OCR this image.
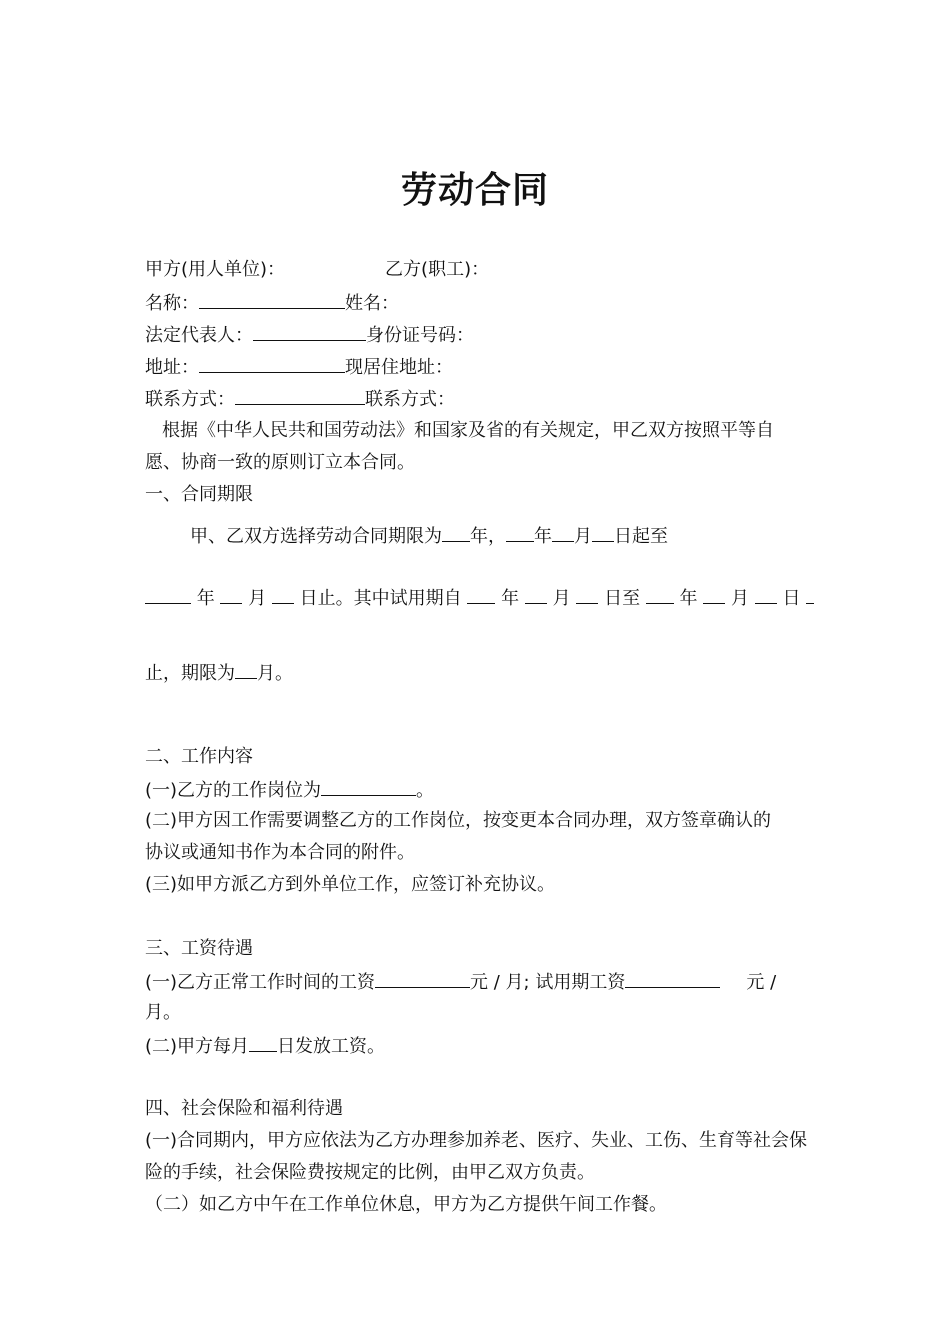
劳动合同
甲方(用人单位)：	乙方(职工)：
名称：	姓名：
法定代表人：	身份证号码：
地址：	现居住地址：
联系方式：	联系方式：
根据《中华人民共和国劳动法》和国家及省的有关规定，甲乙双方按照平等自
愿、协商一致的原则订立本合同。
一、合同期限
甲、乙双方选择劳动合同期限为 年， 年 月 日起至
年 月 日止。其中试用期自 年 月 日至 年 月 日
止，期限为 月。
二、工作内容
(一)乙方的工作岗位为	。
(二)甲方因工作需要调整乙方的工作岗位，按变更本合同办理，双方签章确认的
协议或通知书作为本合同的附件。
(三)如甲方派乙方到外单位工作，应签订补充协议。
三、工资待遇
(一)乙方正常工作时间的工资	元 / 月; 试用期工资	元 /
月。
(二)甲方每月 日发放工资。
四、社会保险和福利待遇
(一)合同期内，甲方应依法为乙方办理参加养老、医疗、失业、工伤、生育等社会保
险的手续，社会保险费按规定的比例，由甲乙双方负责。
（二）如乙方中午在工作单位休息，甲方为乙方提供午间工作餐。
